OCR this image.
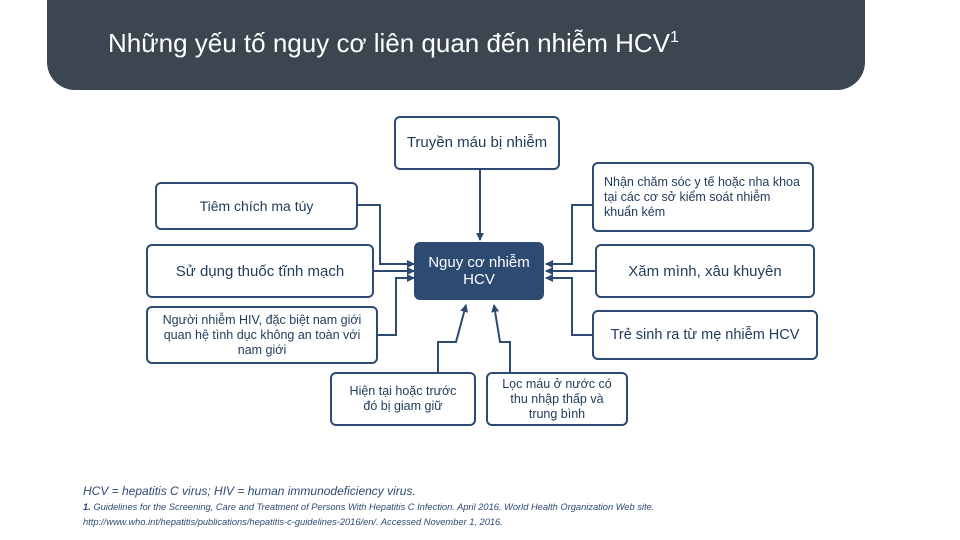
Những yếu tố nguy cơ liên quan đến nhiễm HCV$^1$
Truyền máu bị nhiễm
Nguy cơ nhiễm HCV
Tiêm chích ma túy
Sử dụng thuốc tĩnh mạch
Người nhiễm HIV, đặc biệt nam giới quan hệ tình dục không an toàn với nam giới
Nhận chăm sóc y tế hoặc nha khoa tại các cơ sở kiểm soát nhiễm khuẩn kém
Xăm mình, xâu khuyên
Trẻ sinh ra từ mẹ nhiễm HCV
Hiện tại hoặc trước đó bị giam giữ
Lọc máu ở nước có thu nhập thấp và trung bình
HCV = hepatitis C virus; HIV = human immunodeficiency virus.
1. Guidelines for the Screening, Care and Treatment of Persons With Hepatitis C Infection. April 2016. World Health Organization Web site.
http://www.who.int/hepatitis/publications/hepatitis-c-guidelines-2016/en/. Accessed November 1, 2016.
